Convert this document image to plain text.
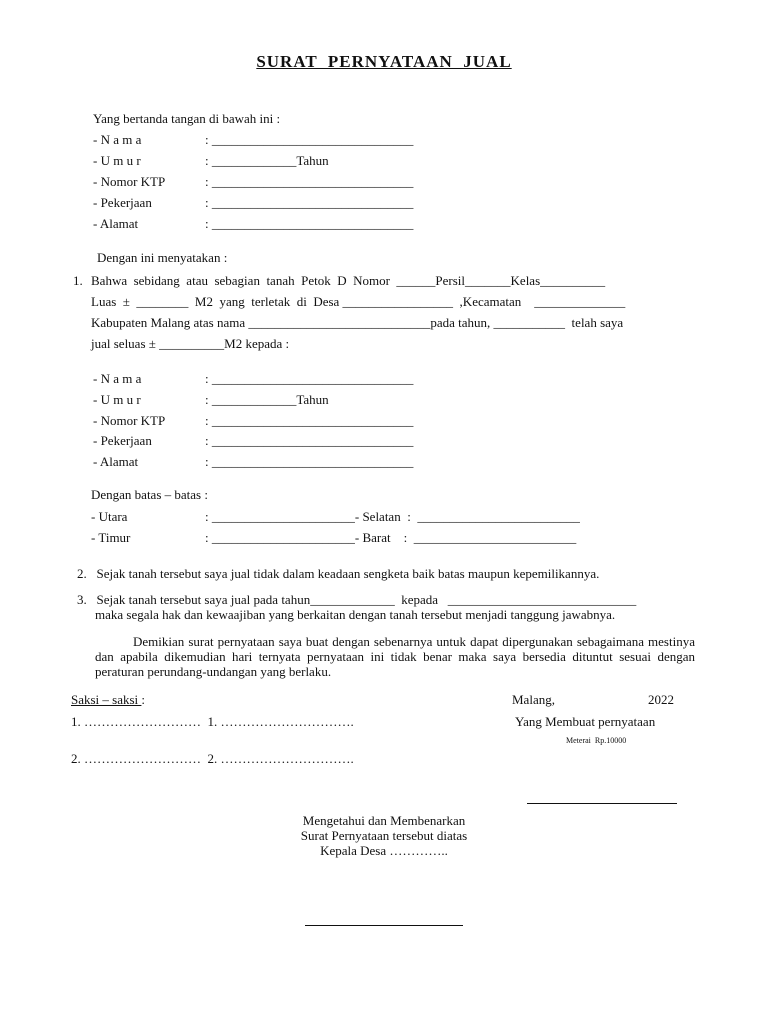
SURAT  PERNYATAAN  JUAL
Yang bertanda tangan di bawah ini :
- N a m a	: _______________________________
- U m u r	: _____________Tahun
- Nomor KTP	: _______________________________
- Pekerjaan	: _______________________________
- Alamat	: _______________________________
Dengan ini menyatakan :
1. Bahwa  sebidang  atau  sebagian  tanah  Petok  D  Nomor  ______Persil_______Kelas__________
Luas  ±  ________  M2  yang  terletak  di  Desa _________________  ,Kecamatan    ______________
Kabupaten Malang atas nama ____________________________pada tahun, ___________  telah saya
jual seluas ± __________M2 kepada :
- N a m a	: _______________________________
- U m u r	: _____________Tahun
- Nomor KTP	: _______________________________
- Pekerjaan	: _______________________________
- Alamat	: _______________________________
Dengan batas – batas :
- Utara	: ______________________- Selatan  :  _________________________
- Timur	: ______________________- Barat    :  _________________________
2.   Sejak tanah tersebut saya jual tidak dalam keadaan sengketa baik batas maupun kepemilikannya.
3.   Sejak tanah tersebut saya jual pada tahun_____________  kepada   _____________________________
maka segala hak dan kewaajiban yang berkaitan dengan tanah tersebut menjadi tanggung jawabnya.
Demikian surat pernyataan saya buat dengan sebenarnya untuk dapat dipergunakan sebagaimana mestinya dan apabila dikemudian hari ternyata pernyataan ini tidak benar maka saya bersedia dituntut sesuai dengan peraturan perundang-undangan yang berlaku.
Saksi – saksi :
1. ………………………  1. ………………………….
2. ………………………  2. ………………………….
Malang,	2022
Yang Membuat pernyataan
Meterai  Rp.10000
Mengetahui dan Membenarkan
Surat Pernyataan tersebut diatas
Kepala Desa …………..
